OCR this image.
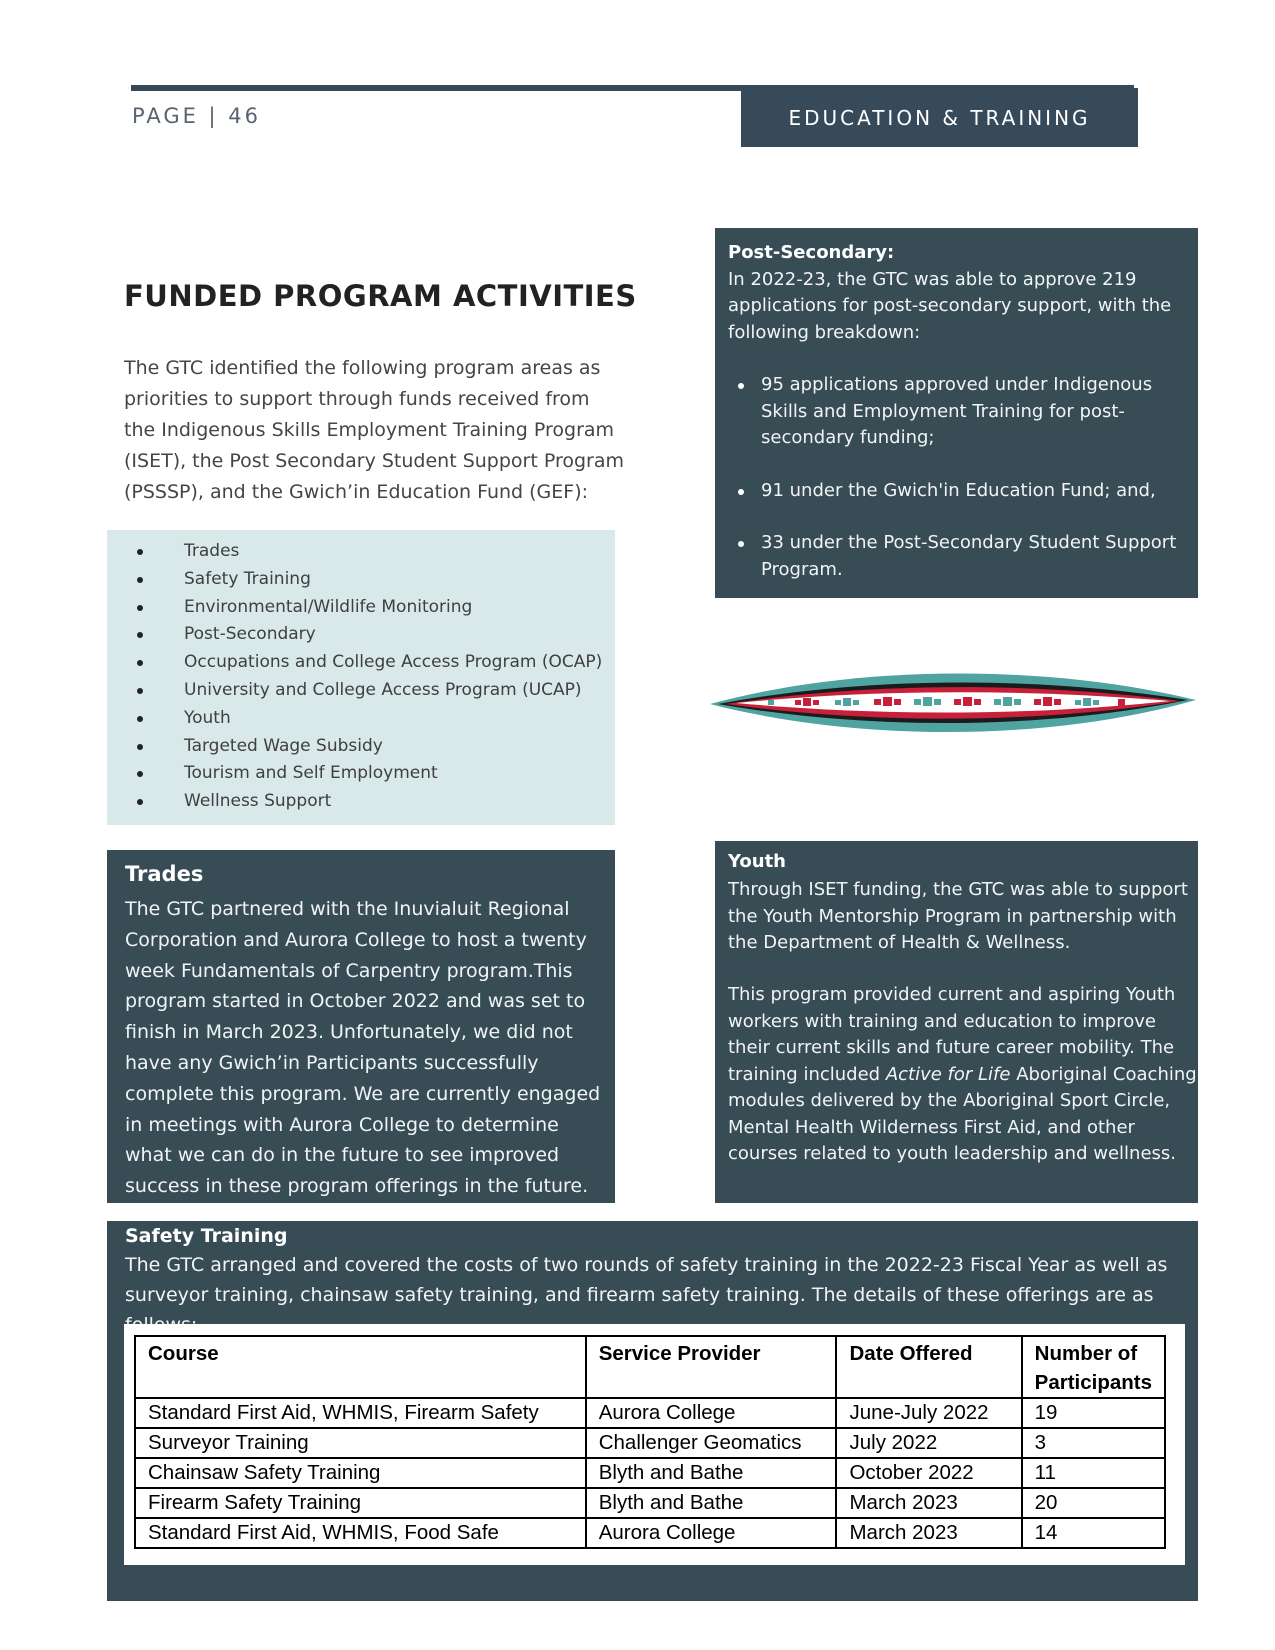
PAGE | 46	EDUCATION & TRAINING
FUNDED PROGRAM ACTIVITIES
The GTC identified the following program areas as priorities to support through funds received from the Indigenous Skills Employment Training Program (ISET), the Post Secondary Student Support Program (PSSSP), and the Gwich’in Education Fund (GEF):
Trades
Safety Training
Environmental/Wildlife Monitoring
Post-Secondary
Occupations and College Access Program (OCAP)
University and College Access Program (UCAP)
Youth
Targeted Wage Subsidy
Tourism and Self Employment
Wellness Support
Post-Secondary:
In 2022-23, the GTC was able to approve 219 applications for post-secondary support, with the following breakdown:
95 applications approved under Indigenous Skills and Employment Training for post-secondary funding;
91 under the Gwich'in Education Fund; and,
33 under the Post-Secondary Student Support Program.
Trades
The GTC partnered with the Inuvialuit Regional Corporation and Aurora College to host a twenty week Fundamentals of Carpentry program.This program started in October 2022 and was set to finish in March 2023. Unfortunately, we did not have any Gwich’in Participants successfully complete this program. We are currently engaged in meetings with Aurora College to determine what we can do in the future to see improved success in these program offerings in the future.
Youth
Through ISET funding, the GTC was able to support the Youth Mentorship Program in partnership with the Department of Health & Wellness.
This program provided current and aspiring Youth workers with training and education to improve their current skills and future career mobility. The training included Active for Life Aboriginal Coaching modules delivered by the Aboriginal Sport Circle, Mental Health Wilderness First Aid, and other courses related to youth leadership and wellness.
Safety Training
The GTC arranged and covered the costs of two rounds of safety training in the 2022-23 Fiscal Year as well as surveyor training, chainsaw safety training, and firearm safety training. The details of these offerings are as
Course	Service Provider	Date Offered	Number of Participants
Standard First Aid, WHMIS, Firearm Safety	Aurora College	June-July 2022	19
Surveyor Training	Challenger Geomatics	July 2022	3
Chainsaw Safety Training	Blyth and Bathe	October 2022	11
Firearm Safety Training	Blyth and Bathe	March 2023	20
Standard First Aid, WHMIS, Food Safe	Aurora College	March 2023	14
